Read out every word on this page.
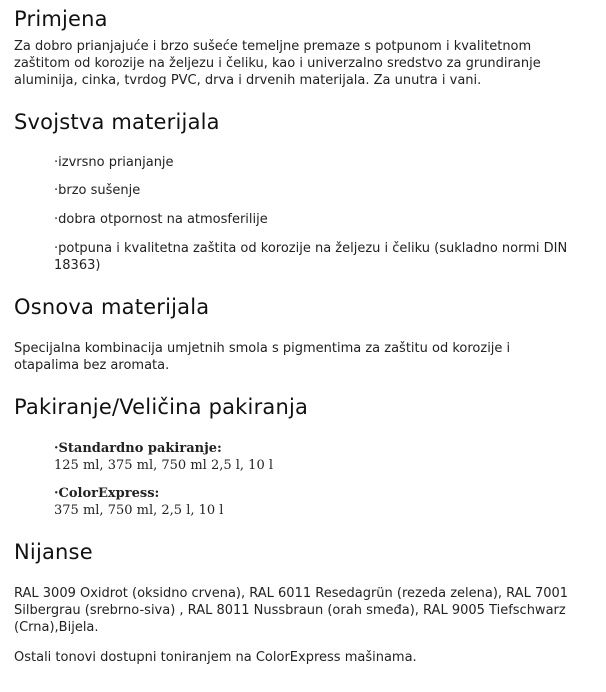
Primjena

Za dobro prianjajuće i brzo sušeće temeljne premaze s potpunom i kvalitetnom zaštitom od korozije na željezu i čeliku, kao i univerzalno sredstvo za grundiranje aluminija, cinka, tvrdog PVC, drva i drvenih materijala. Za unutra i vani.

Svojstva materijala

·izvrsno prianjanje

·brzo sušenje

·dobra otpornost na atmosferilije

·potpuna i kvalitetna zaštita od korozije na željezu i čeliku (sukladno normi DIN 18363)

Osnova materijala

Specijalna kombinacija umjetnih smola s pigmentima za zaštitu od korozije i otapalima bez aromata.

Pakiranje/Veličina pakiranja
·Standardno pakiranje:
125 ml, 375 ml, 750 ml 2,5 l, 10 l
·ColorExpress:
375 ml, 750 ml, 2,5 l, 10 l
Nijanse

RAL 3009 Oxidrot (oksidno crvena), RAL 6011 Resedagrün (rezeda zelena), RAL 7001 Silbergrau (srebrno-siva) , RAL 8011 Nussbraun (orah smeđa), RAL 9005 Tiefschwarz (Crna),Bijela.

Ostali tonovi dostupni toniranjem na ColorExpress mašinama.
